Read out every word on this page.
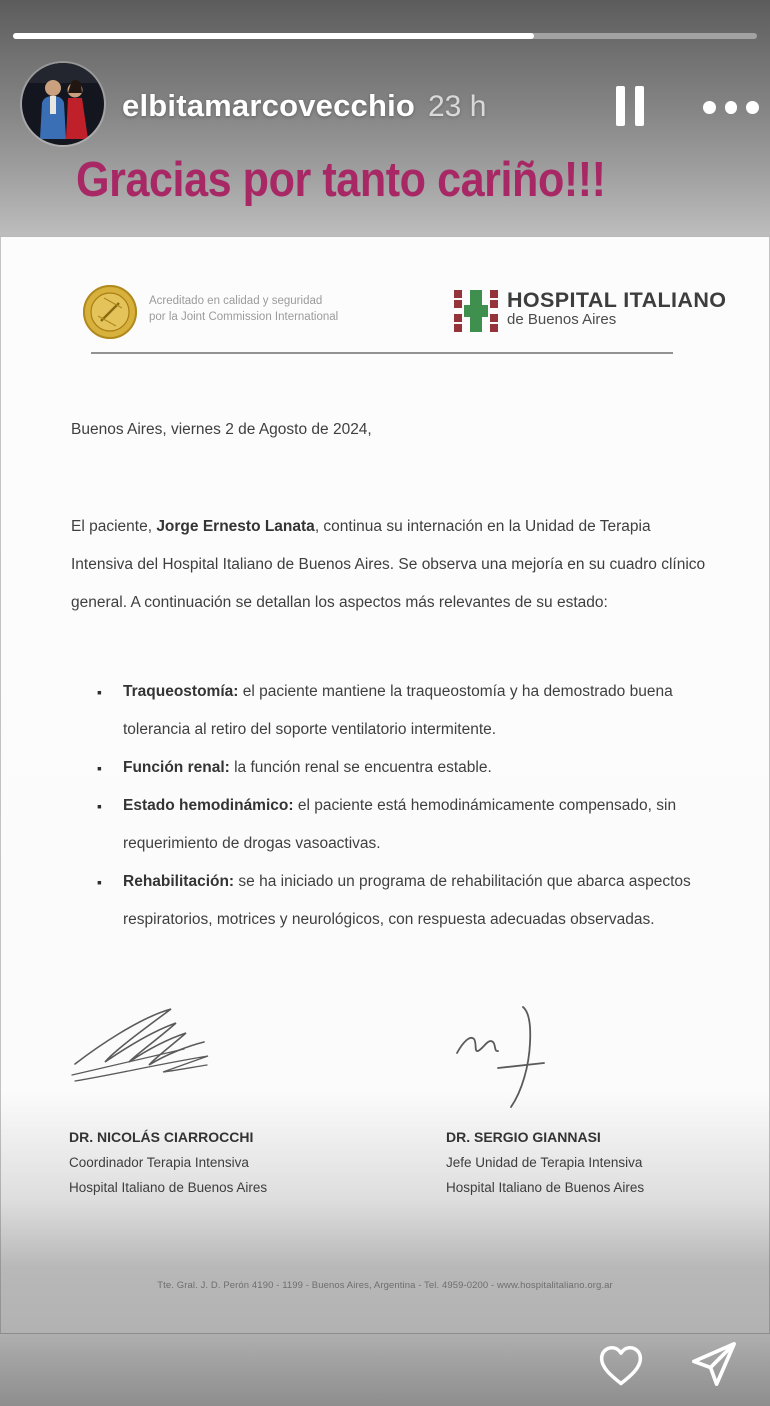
elbitamarcovecchio 23 h
Gracias por tanto cariño!!!
Acreditado en calidad y seguridad
por la Joint Commission International
HOSPITAL ITALIANO
de Buenos Aires
Buenos Aires, viernes 2 de Agosto de 2024,

El paciente, Jorge Ernesto Lanata, continua su internación en la Unidad de Terapia Intensiva del Hospital Italiano de Buenos Aires. Se observa una mejoría en su cuadro clínico general. A continuación se detallan los aspectos más relevantes de su estado:

▪ Traqueostomía: el paciente mantiene la traqueostomía y ha demostrado buena tolerancia al retiro del soporte ventilatorio intermitente.
▪ Función renal: la función renal se encuentra estable.
▪ Estado hemodinámico: el paciente está hemodinámicamente compensado, sin requerimiento de drogas vasoactivas.
▪ Rehabilitación: se ha iniciado un programa de rehabilitación que abarca aspectos respiratorios, motrices y neurológicos, con respuesta adecuadas observadas.
DR. NICOLÁS CIARROCCHI
Coordinador Terapia Intensiva
Hospital Italiano de Buenos Aires
DR. SERGIO GIANNASI
Jefe Unidad de Terapia Intensiva
Hospital Italiano de Buenos Aires
Tte. Gral. J. D. Perón 4190 - 1199 - Buenos Aires, Argentina - Tel. 4959-0200 - www.hospitalitaliano.org.ar
